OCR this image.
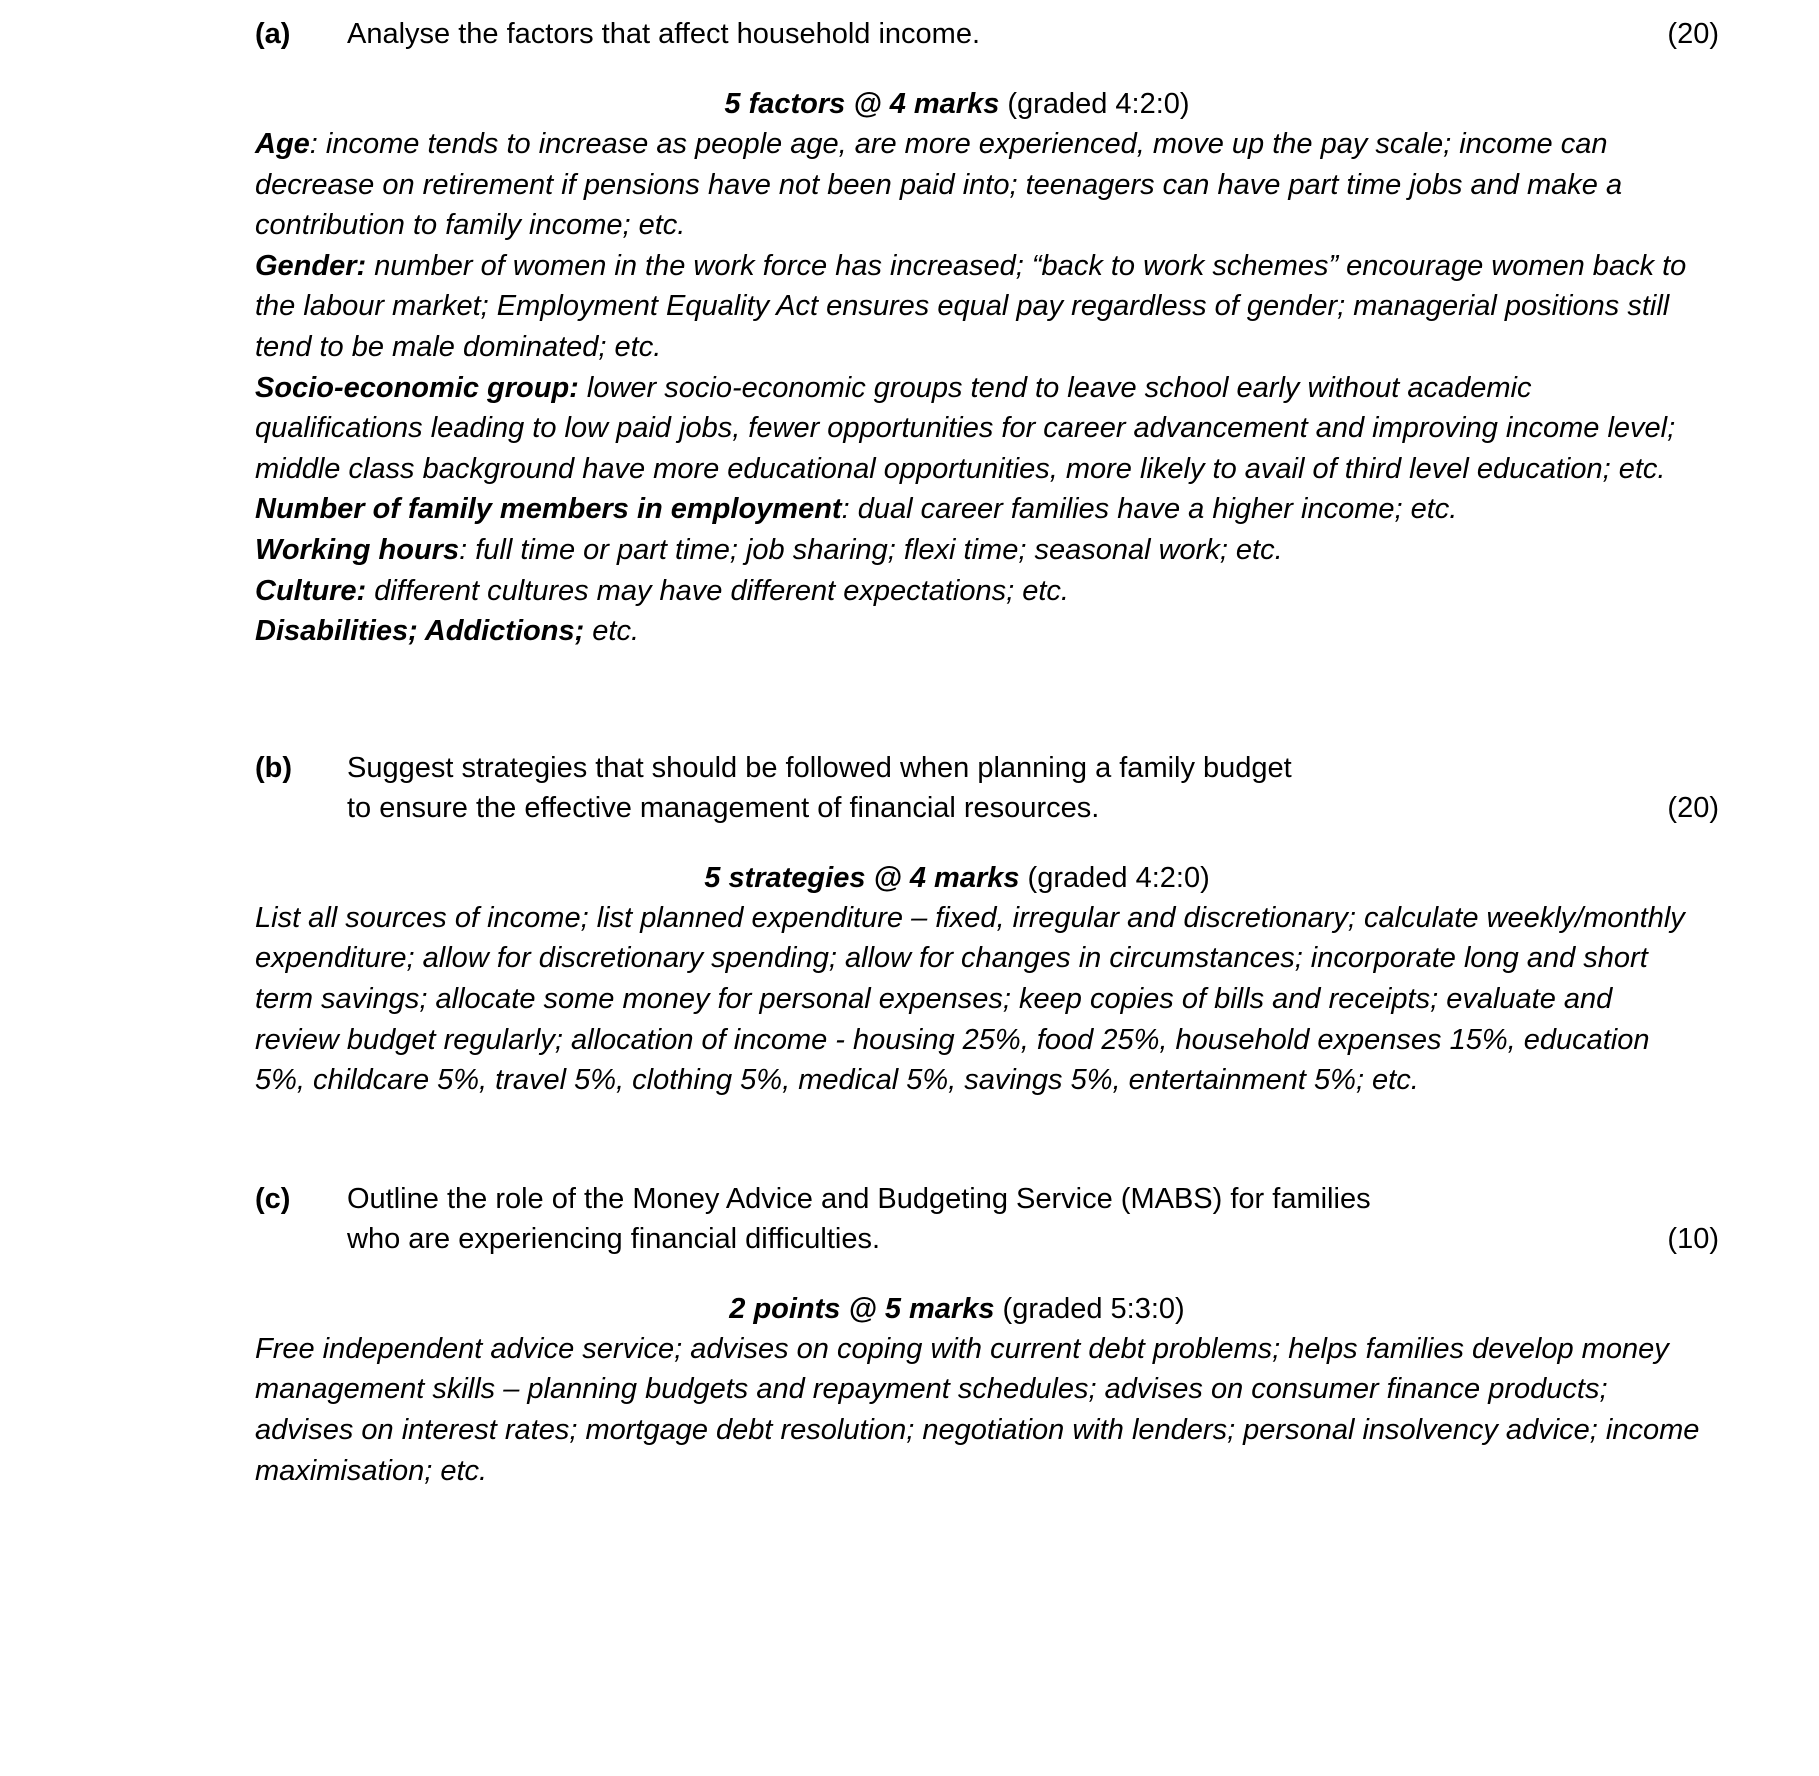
(a)	Analyse the factors that affect household income.	(20)
5 factors @ 4 marks (graded 4:2:0)

Age: income tends to increase as people age, are more experienced, move up the pay scale; income can decrease on retirement if pensions have not been paid into; teenagers can have part time jobs and make a contribution to family income; etc.

Gender: number of women in the work force has increased; “back to work schemes” encourage women back to the labour market; Employment Equality Act ensures equal pay regardless of gender; managerial positions still tend to be male dominated; etc.

Socio-economic group: lower socio-economic groups tend to leave school early without academic qualifications leading to low paid jobs, fewer opportunities for career advancement and improving income level; middle class background have more educational opportunities, more likely to avail of third level education; etc.

Number of family members in employment: dual career families have a higher income; etc.

Working hours: full time or part time; job sharing; flexi time; seasonal work; etc.

Culture: different cultures may have different expectations; etc.

Disabilities; Addictions; etc.

(b)	Suggest strategies that should be followed when planning a family budget
to ensure the effective management of financial resources.	(20)
5 strategies @ 4 marks (graded 4:2:0)

List all sources of income; list planned expenditure – fixed, irregular and discretionary; calculate weekly/monthly expenditure; allow for discretionary spending; allow for changes in circumstances; incorporate long and short term savings; allocate some money for personal expenses; keep copies of bills and receipts; evaluate and review budget regularly; allocation of income - housing 25%, food 25%, household expenses 15%, education 5%, childcare 5%, travel 5%, clothing 5%, medical 5%, savings 5%, entertainment 5%; etc.

(c)	Outline the role of the Money Advice and Budgeting Service (MABS) for families
who are experiencing financial difficulties.	(10)
2 points @ 5 marks (graded 5:3:0)

Free independent advice service; advises on coping with current debt problems; helps families develop money management skills – planning budgets and repayment schedules; advises on consumer finance products; advises on interest rates; mortgage debt resolution; negotiation with lenders; personal insolvency advice; income maximisation; etc.
